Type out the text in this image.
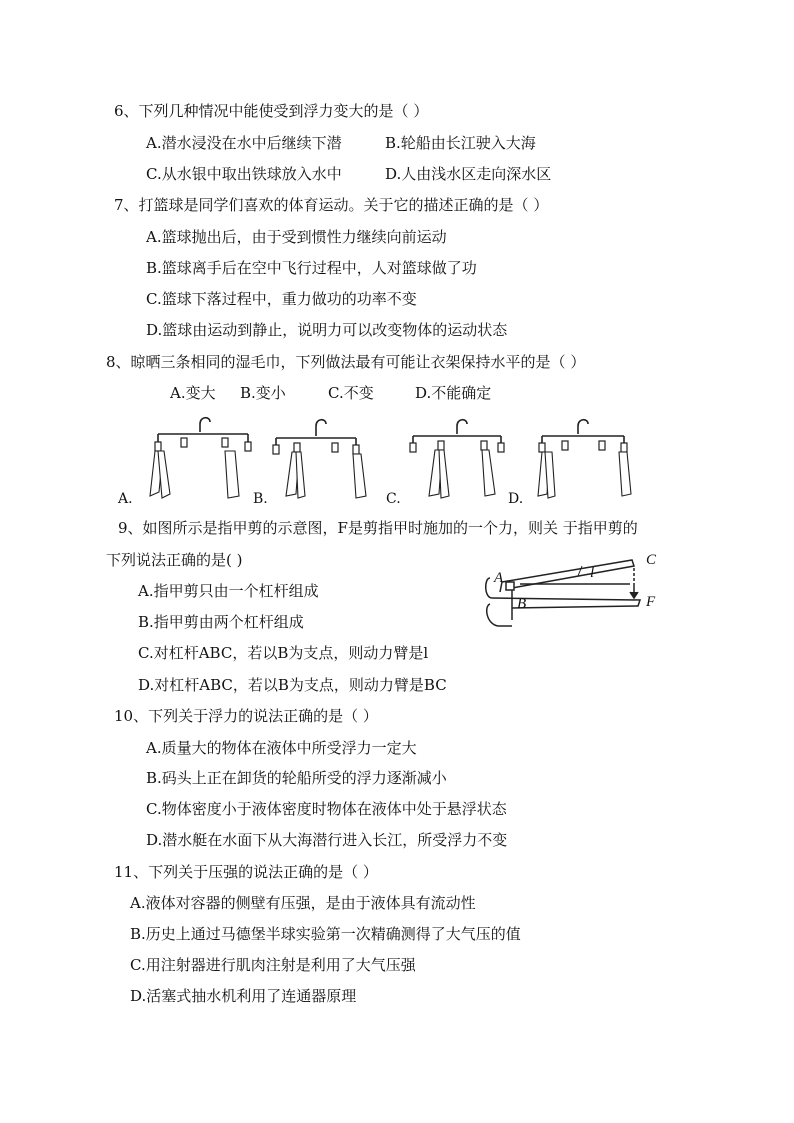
6、下列几种情况中能使受到浮力变大的是（ ）
A.潜水浸没在水中后继续下潜	B.轮船由长江驶入大海
C.从水银中取出铁球放入水中	D.人由浅水区走向深水区
7、打篮球是同学们喜欢的体育运动。关于它的描述正确的是（ ）
A.篮球抛出后，由于受到惯性力继续向前运动
B.篮球离手后在空中飞行过程中，人对篮球做了功
C.篮球下落过程中，重力做功的功率不变
D.篮球由运动到静止，说明力可以改变物体的运动状态
8、晾晒三条相同的湿毛巾，下列做法最有可能让衣架保持水平的是（ ）
A.变大 B.变小	C.不变	D.不能确定
A.	B.	C.	D.
9、如图所示是指甲剪的示意图，F是剪指甲时施加的一个力，则关 于指甲剪的
下列说法正确的是( )
A.指甲剪只由一个杠杆组成
B.指甲剪由两个杠杆组成
C.对杠杆ABC，若以B为支点，则动力臂是l
D.对杠杆ABC，若以B为支点，则动力臂是BC
A
B
C
F
l
10、下列关于浮力的说法正确的是（ ）
A.质量大的物体在液体中所受浮力一定大
B.码头上正在卸货的轮船所受的浮力逐渐减小
C.物体密度小于液体密度时物体在液体中处于悬浮状态
D.潜水艇在水面下从大海潜行进入长江，所受浮力不变
11、下列关于压强的说法正确的是（ ）
A.液体对容器的侧壁有压强，是由于液体具有流动性
B.历史上通过马德堡半球实验第一次精确测得了大气压的值
C.用注射器进行肌肉注射是利用了大气压强
D.活塞式抽水机利用了连通器原理
